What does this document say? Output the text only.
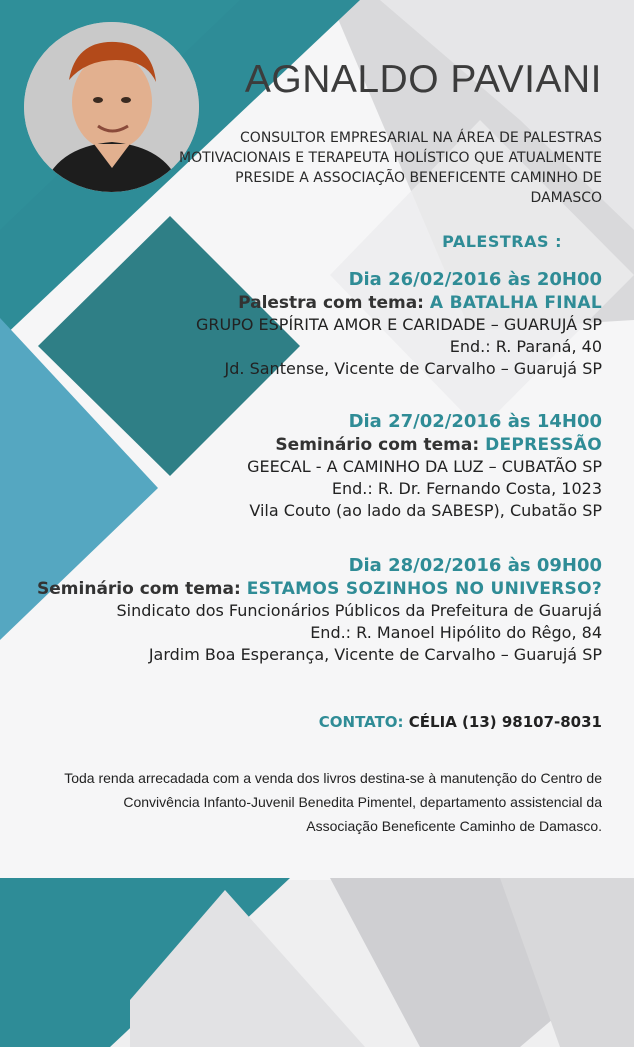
AGNALDO PAVIANI
CONSULTOR EMPRESARIAL NA ÁREA DE PALESTRAS MOTIVACIONAIS E TERAPEUTA HOLÍSTICO QUE ATUALMENTE PRESIDE A ASSOCIAÇÃO BENEFICENTE CAMINHO DE DAMASCO
PALESTRAS :
Dia 26/02/2016 às 20H00
Palestra com tema: A BATALHA FINAL
GRUPO ESPÍRITA AMOR E CARIDADE – GUARUJÁ SP
End.: R. Paraná, 40
Jd. Santense, Vicente de Carvalho – Guarujá SP
Dia 27/02/2016 às 14H00
Seminário com tema: DEPRESSÃO
GEECAL - A CAMINHO DA LUZ – CUBATÃO SP
End.: R. Dr. Fernando Costa, 1023
Vila Couto (ao lado da SABESP), Cubatão SP
Dia 28/02/2016 às 09H00
Seminário com tema: ESTAMOS SOZINHOS NO UNIVERSO?
Sindicato dos Funcionários Públicos da Prefeitura de Guarujá
End.: R. Manoel Hipólito do Rêgo, 84
Jardim Boa Esperança, Vicente de Carvalho – Guarujá SP
CONTATO: CÉLIA (13) 98107-8031
Toda renda arrecadada com a venda dos livros destina-se à manutenção do Centro de
Convivência Infanto-Juvenil Benedita Pimentel, departamento assistencial da
Associação Beneficente Caminho de Damasco.
